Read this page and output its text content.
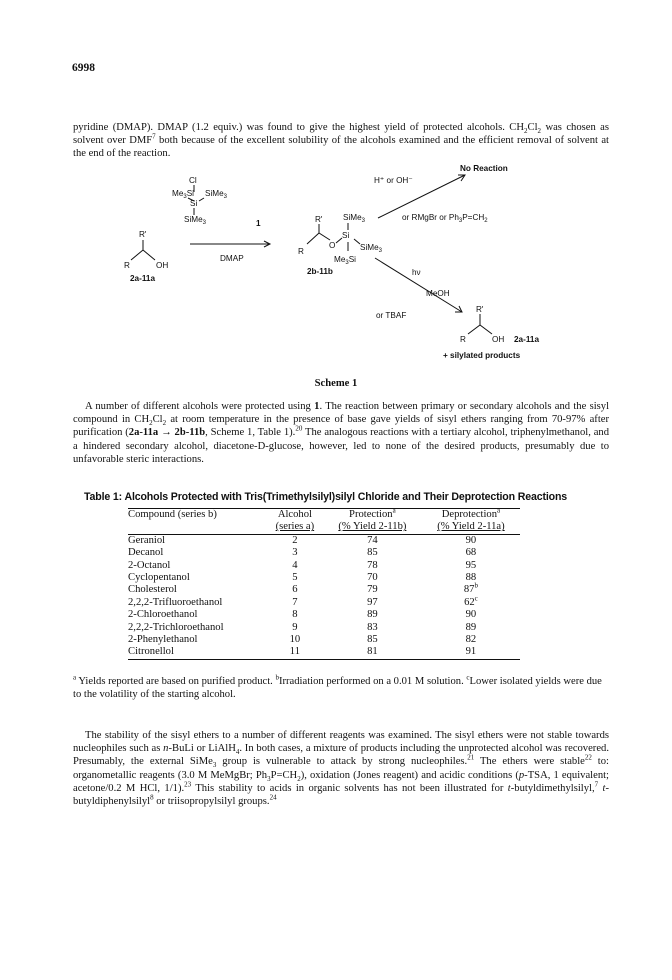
6998

pyridine (DMAP). DMAP (1.2 equiv.) was found to give the highest yield of protected alcohols. $CH_2Cl_2$ was chosen as solvent over DMF$^7$ both because of the excellent solubility of the alcohols examined and the efficient removal of solvent at the end of the reaction.

Cl
$Me_3Si$
Si
SiMe$_3$
SiMe$_3$	1
R'
R	OH
2a-11a
DMAP
R'
R
O
Si
SiMe$_3$
SiMe$_3$
$Me_3Si$
2b-11b
H⁺ or OH⁻
No Reaction
or RMgBr or $Ph_3P=CH_2$
hν
MeOH
or TBAF
R'
R	OH 2a-11a
+ silylated products
Scheme 1

A number of different alcohols were protected using 1. The reaction between primary or secondary alcohols and the sisyl compound in $CH_2Cl_2$ at room temperature in the presence of base gave yields of sisyl ethers ranging from 70-97% after purification (2a-11a → 2b-11b, Scheme 1, Table 1).$^{20}$ The analogous reactions with a tertiary alcohol, triphenylmethanol, and a hindered secondary alcohol, diacetone-D-glucose, however, led to none of the desired products, presumably due to unfavorable steric interactions.

Table 1: Alcohols Protected with Tris(Trimethylsilyl)silyl Chloride and Their Deprotection Reactions
Compound (series b)	Alcohol	Protection$^a$	Deprotection$^a$
	(series a)	(% Yield 2-11b)	(% Yield 2-11a)
Geraniol	2	74	90
Decanol	3	85	68
2-Octanol	4	78	95
Cyclopentanol	5	70	88
Cholesterol	6	79	87$^b$
2,2,2-Trifluoroethanol	7	97	62$^c$
2-Chloroethanol	8	89	90
2,2,2-Trichloroethanol	9	83	89
2-Phenylethanol	10	85	82
Citronellol	11	81	91

$^a$ Yields reported are based on purified product. $^b$Irradiation performed on a 0.01 M solution. $^c$Lower isolated yields were due to the volatility of the starting alcohol.

The stability of the sisyl ethers to a number of different reagents was examined. The sisyl ethers were not stable towards nucleophiles such as n-BuLi or LiAlH$_4$. In both cases, a mixture of products including the unprotected alcohol was recovered. Presumably, the external SiMe$_3$ group is vulnerable to attack by strong nucleophiles.$^{21}$ The ethers were stable$^{22}$ to: organometallic reagents (3.0 M MeMgBr; $Ph_3P=CH_2$), oxidation (Jones reagent) and acidic conditions (p-TSA, 1 equivalent; acetone/0.2 M HCl, 1/1).$^{23}$ This stability to acids in organic solvents has not been illustrated for t-butyldimethylsilyl,$^7$ t-butyldiphenylsilyl$^8$ or triisopropylsilyl groups.$^{24}$
